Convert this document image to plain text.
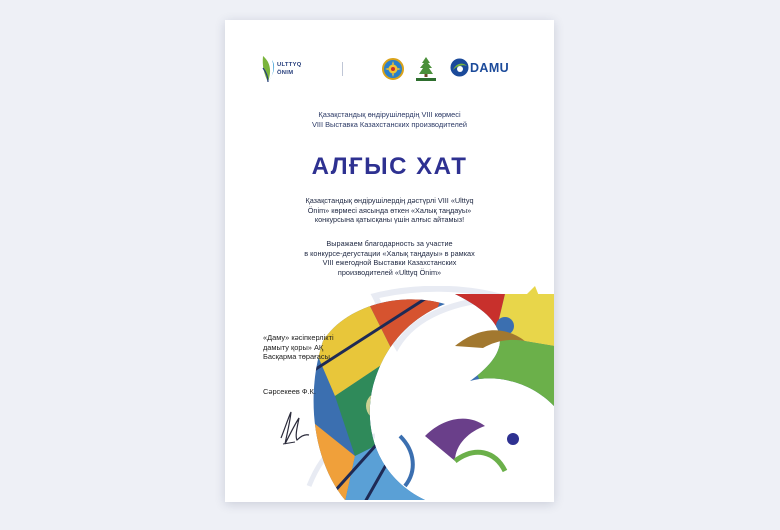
ULTTYQ
ÖNIM	DAMU
Қазақстандық өндірушілердің VIII көрмесі
VIII Выставка Казахстанских производителей
АЛҒЫС ХАТ
Қазақстандық өндірушілердің дәстүрлі VIII «Ulttyq
Önim» көрмесі аясында өткен «Халық таңдауы»
конкурсына қатысқаны үшін алғыс айтамыз!
Выражаем благодарность за участие
в конкурсе-дегустации «Халық таңдауы» в рамках
VIII ежегодной Выставки Казахстанских
производителей «Ulttyq Önim»
«Даму» кәсіпкерлікті
дамыту қоры» АҚ
Басқарма төрағасы
Сәрсекеев Ф.К.
